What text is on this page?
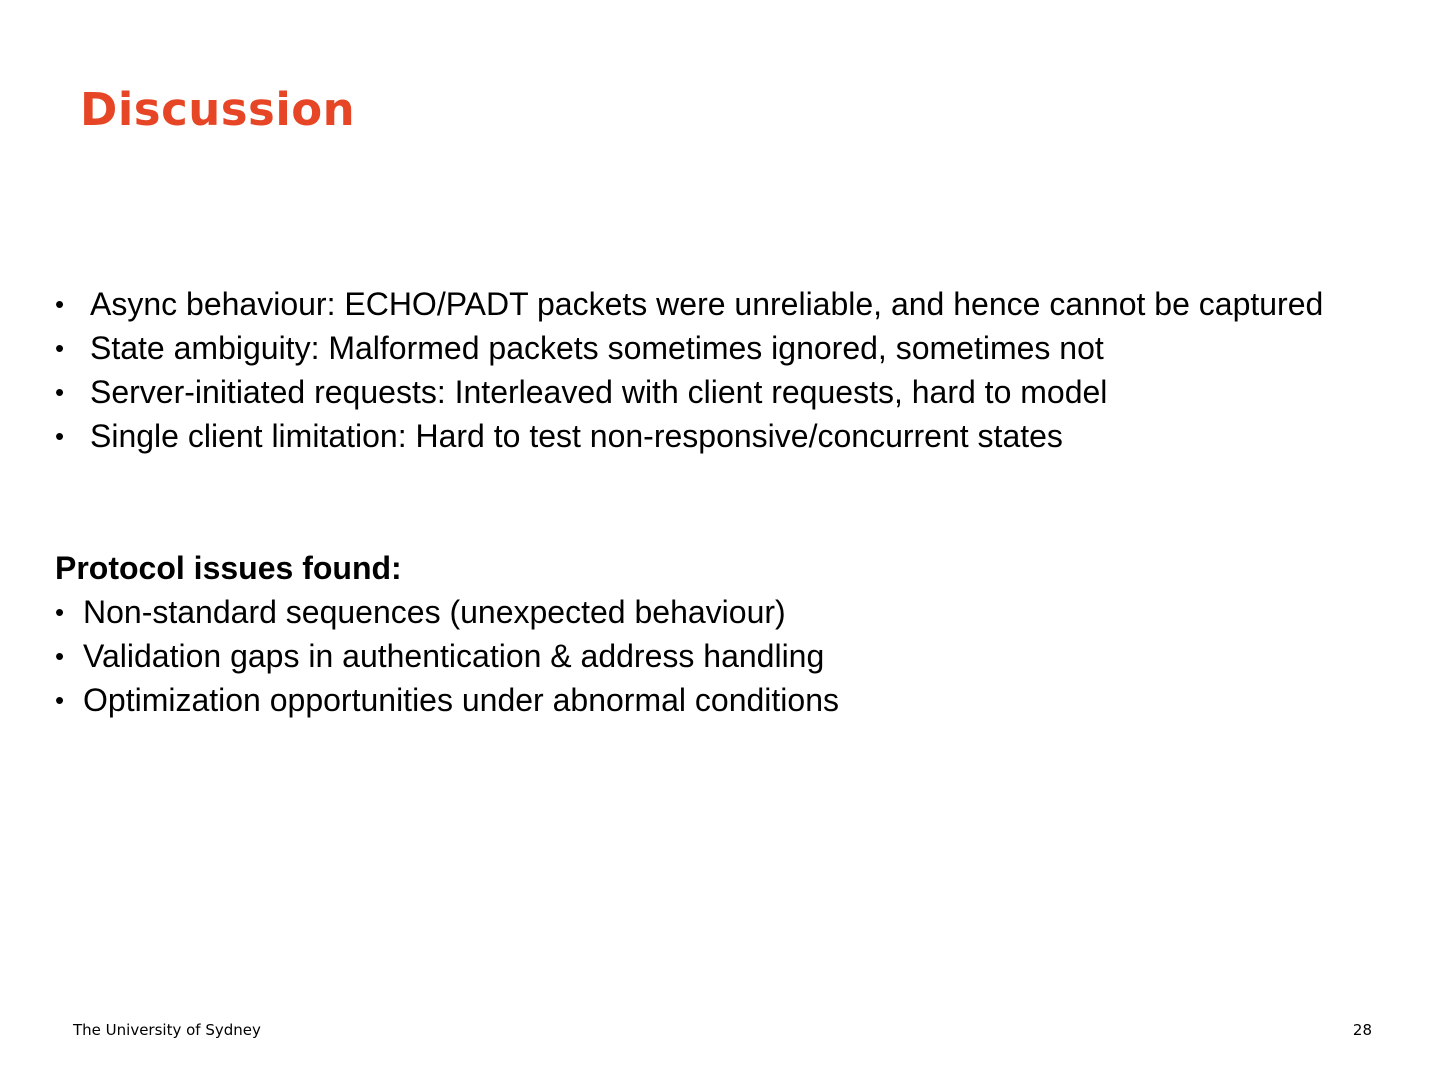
Discussion
• Async behaviour: ECHO/PADT packets were unreliable, and hence cannot be captured
• State ambiguity: Malformed packets sometimes ignored, sometimes not
• Server-initiated requests: Interleaved with client requests, hard to model
• Single client limitation: Hard to test non-responsive/concurrent states

Protocol issues found:

• Non-standard sequences (unexpected behaviour)
• Validation gaps in authentication & address handling
• Optimization opportunities under abnormal conditions
The University of Sydney	28
